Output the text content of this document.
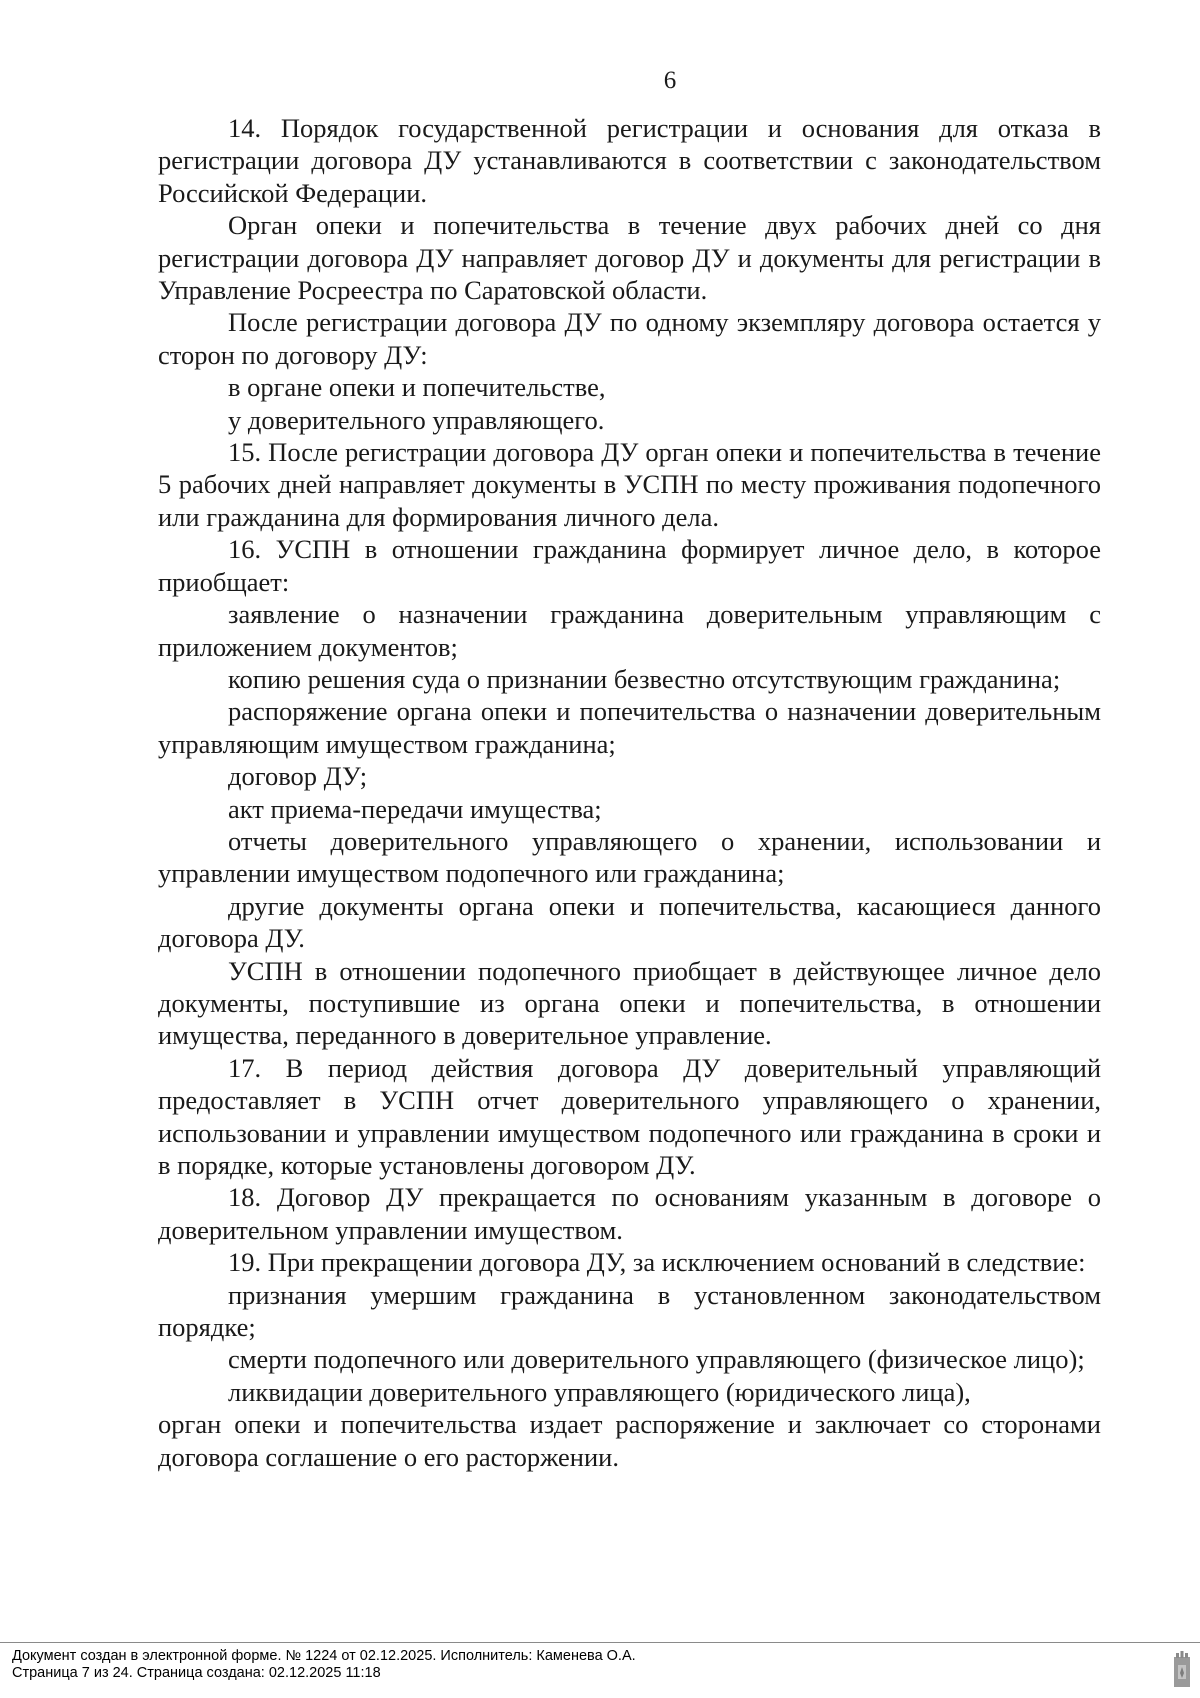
6

14. Порядок государственной регистрации и основания для отказа в регистрации договора ДУ устанавливаются в соответствии с законодательством Российской Федерации.

Орган опеки и попечительства в течение двух рабочих дней со дня регистрации договора ДУ направляет договор ДУ и документы для регистрации в Управление Росреестра по Саратовской области.

После регистрации договора ДУ по одному экземпляру договора остается у сторон по договору ДУ:

в органе опеки и попечительстве,

у доверительного управляющего.

15. После регистрации договора ДУ орган опеки и попечительства в течение 5 рабочих дней направляет документы в УСПН по месту проживания подопечного или гражданина для формирования личного дела.

16. УСПН в отношении гражданина формирует личное дело, в которое приобщает:

заявление о назначении гражданина доверительным управляющим с приложением документов;

копию решения суда о признании безвестно отсутствующим гражданина;

распоряжение органа опеки и попечительства о назначении доверительным управляющим имуществом гражданина;

договор ДУ;

акт приема-передачи имущества;

отчеты доверительного управляющего о хранении, использовании и управлении имуществом подопечного или гражданина;

другие документы органа опеки и попечительства, касающиеся данного договора ДУ.

УСПН в отношении подопечного приобщает в действующее личное дело документы, поступившие из органа опеки и попечительства, в отношении имущества, переданного в доверительное управление.

17. В период действия договора ДУ доверительный управляющий предоставляет в УСПН отчет доверительного управляющего о хранении, использовании и управлении имуществом подопечного или гражданина в сроки и в порядке, которые установлены договором ДУ.

18. Договор ДУ прекращается по основаниям указанным в договоре о доверительном управлении имуществом.

19. При прекращении договора ДУ, за исключением оснований в следствие:

признания умершим гражданина в установленном законодательством порядке;

смерти подопечного или доверительного управляющего (физическое лицо);

ликвидации доверительного управляющего (юридического лица),

орган опеки и попечительства издает распоряжение и заключает со сторонами договора соглашение о его расторжении.

Документ создан в электронной форме. № 1224 от 02.12.2025. Исполнитель: Каменева О.А.
Страница 7 из 24. Страница создана: 02.12.2025 11:18
